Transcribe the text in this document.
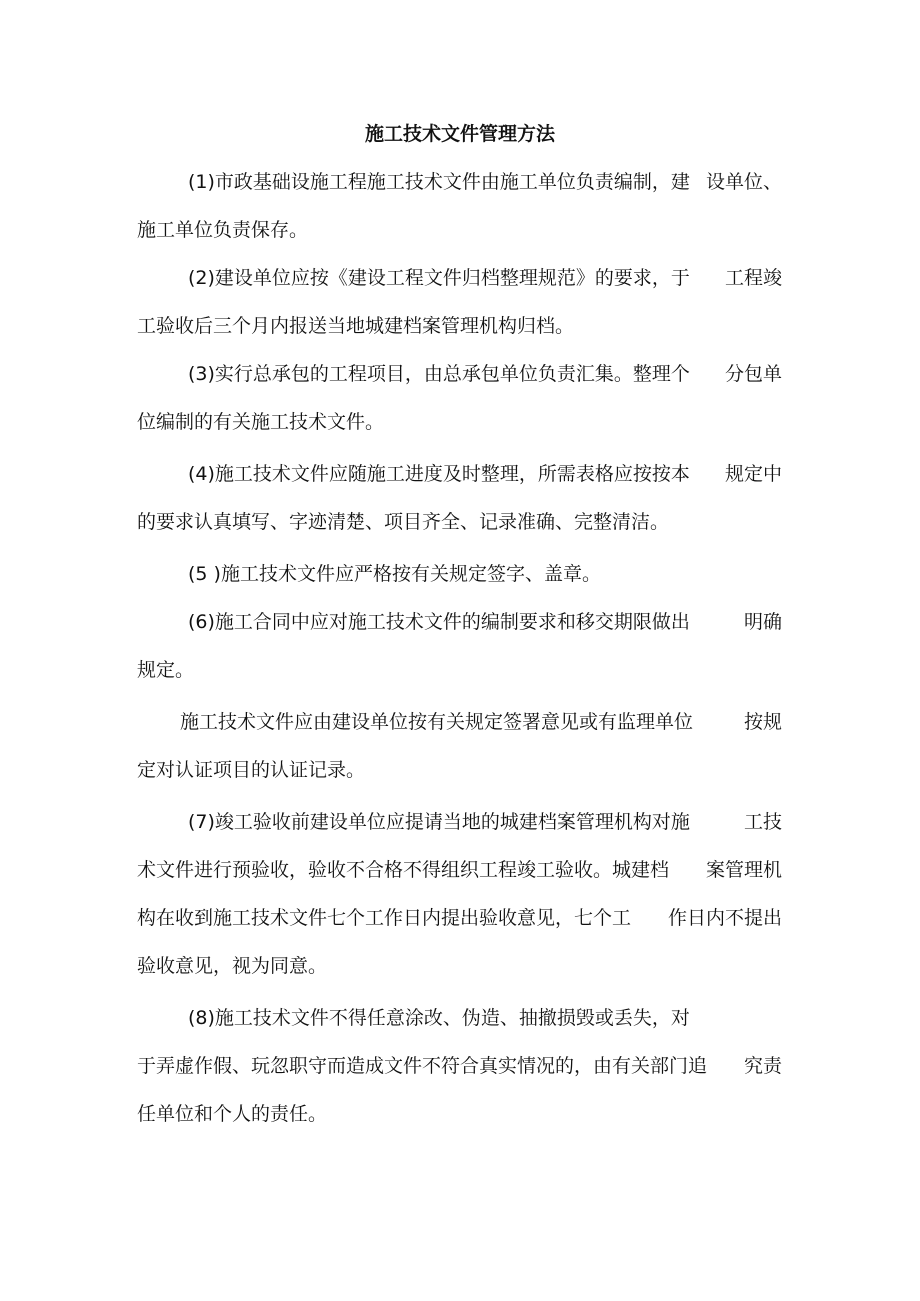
施工技术文件管理方法

(1)市政基础设施工程施工技术文件由施工单位负责编制，建 设单位、

施工单位负责保存。

(2)建设单位应按《建设工程文件归档整理规范》的要求，于 工程竣

工验收后三个月内报送当地城建档案管理机构归档。

(3)实行总承包的工程项目，由总承包单位负责汇集。整理个 分包单

位编制的有关施工技术文件。

(4)施工技术文件应随施工进度及时整理，所需表格应按按本 规定中

的要求认真填写、字迹清楚、项目齐全、记录准确、完整清洁。

(5 )施工技术文件应严格按有关规定签字、盖章。

(6)施工合同中应对施工技术文件的编制要求和移交期限做出	明确

规定。

施工技术文件应由建设单位按有关规定签署意见或有监理单位	按规

定对认证项目的认证记录。

(7)竣工验收前建设单位应提请当地的城建档案管理机构对施	工技

术文件进行预验收，验收不合格不得组织工程竣工验收。城建档 案管理机

构在收到施工技术文件七个工作日内提出验收意见，七个工 作日内不提出

验收意见，视为同意。

(8)施工技术文件不得任意涂改、伪造、抽撤损毁或丢失，对

于弄虚作假、玩忽职守而造成文件不符合真实情况的，由有关部门追 究责

任单位和个人的责任。
